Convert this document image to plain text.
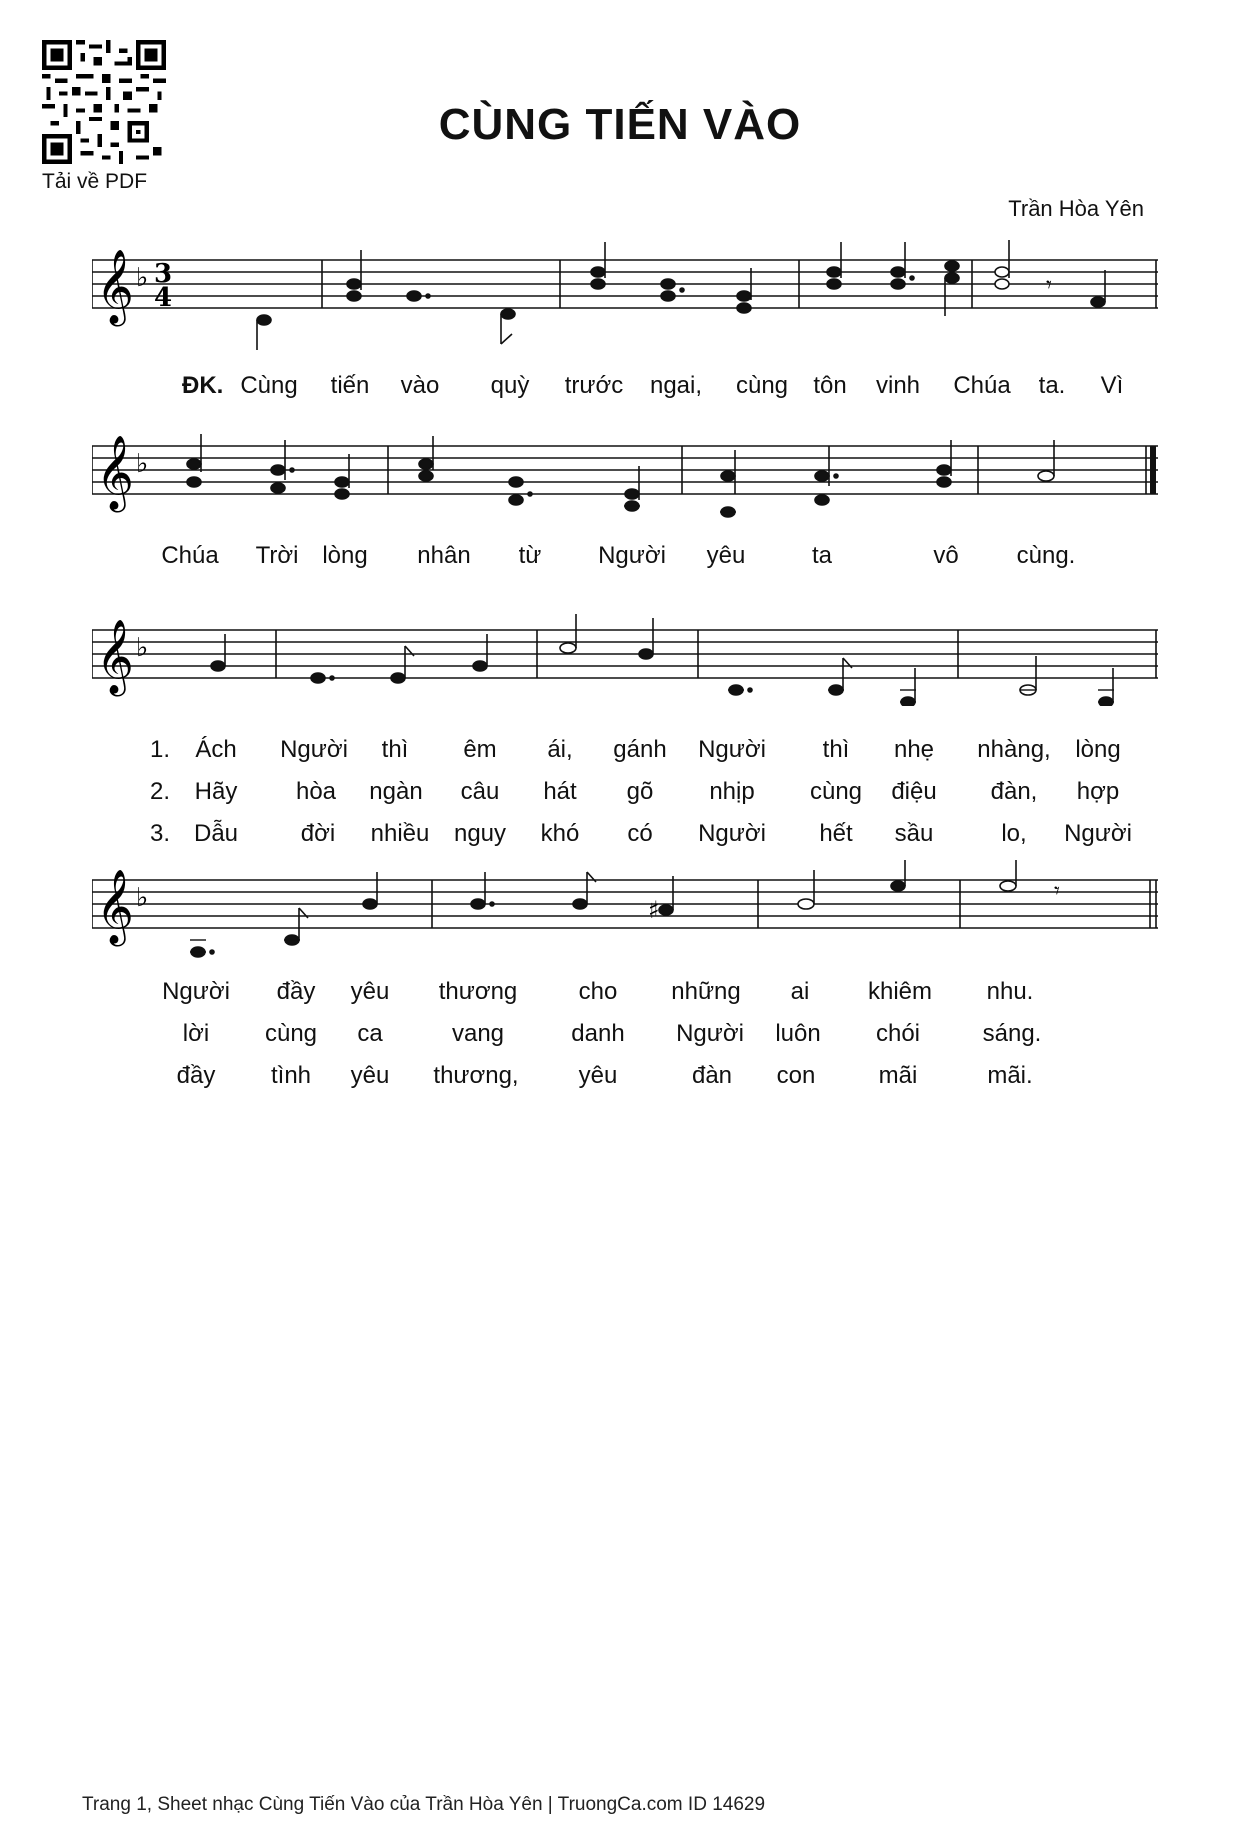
Tải về PDF
CÙNG TIẾN VÀO
Trần Hòa Yên
𝄞 ♭ 3
4	𝄾
ĐK. Cùng tiến vào quỳ trước ngai, cùng tôn vinh Chúa ta. Vì
𝄞 ♭
Chúa Trời lòng nhân từ Người yêu	ta	vô cùng.
𝄞 ♭
1. Ách Người thì êm ái, gánh Người thì nhẹ nhàng, lòng
2. Hãy hòa ngàn câu hát gõ nhịp cùng điệu đàn, hợp
3. Dẫu	đời nhiều nguy khó có Người hết sầu	lo, Người
𝄞 ♭	♯
𝄾
Người đầy yêu thương	cho những ai khiêm nhu.
lời cùng ca	vang	danh Người luôn chói	sáng.
đầy tình yêu thương,	yêu	đàn con	mãi	mãi.
Trang 1, Sheet nhạc Cùng Tiến Vào của Trần Hòa Yên | TruongCa.com ID 14629
